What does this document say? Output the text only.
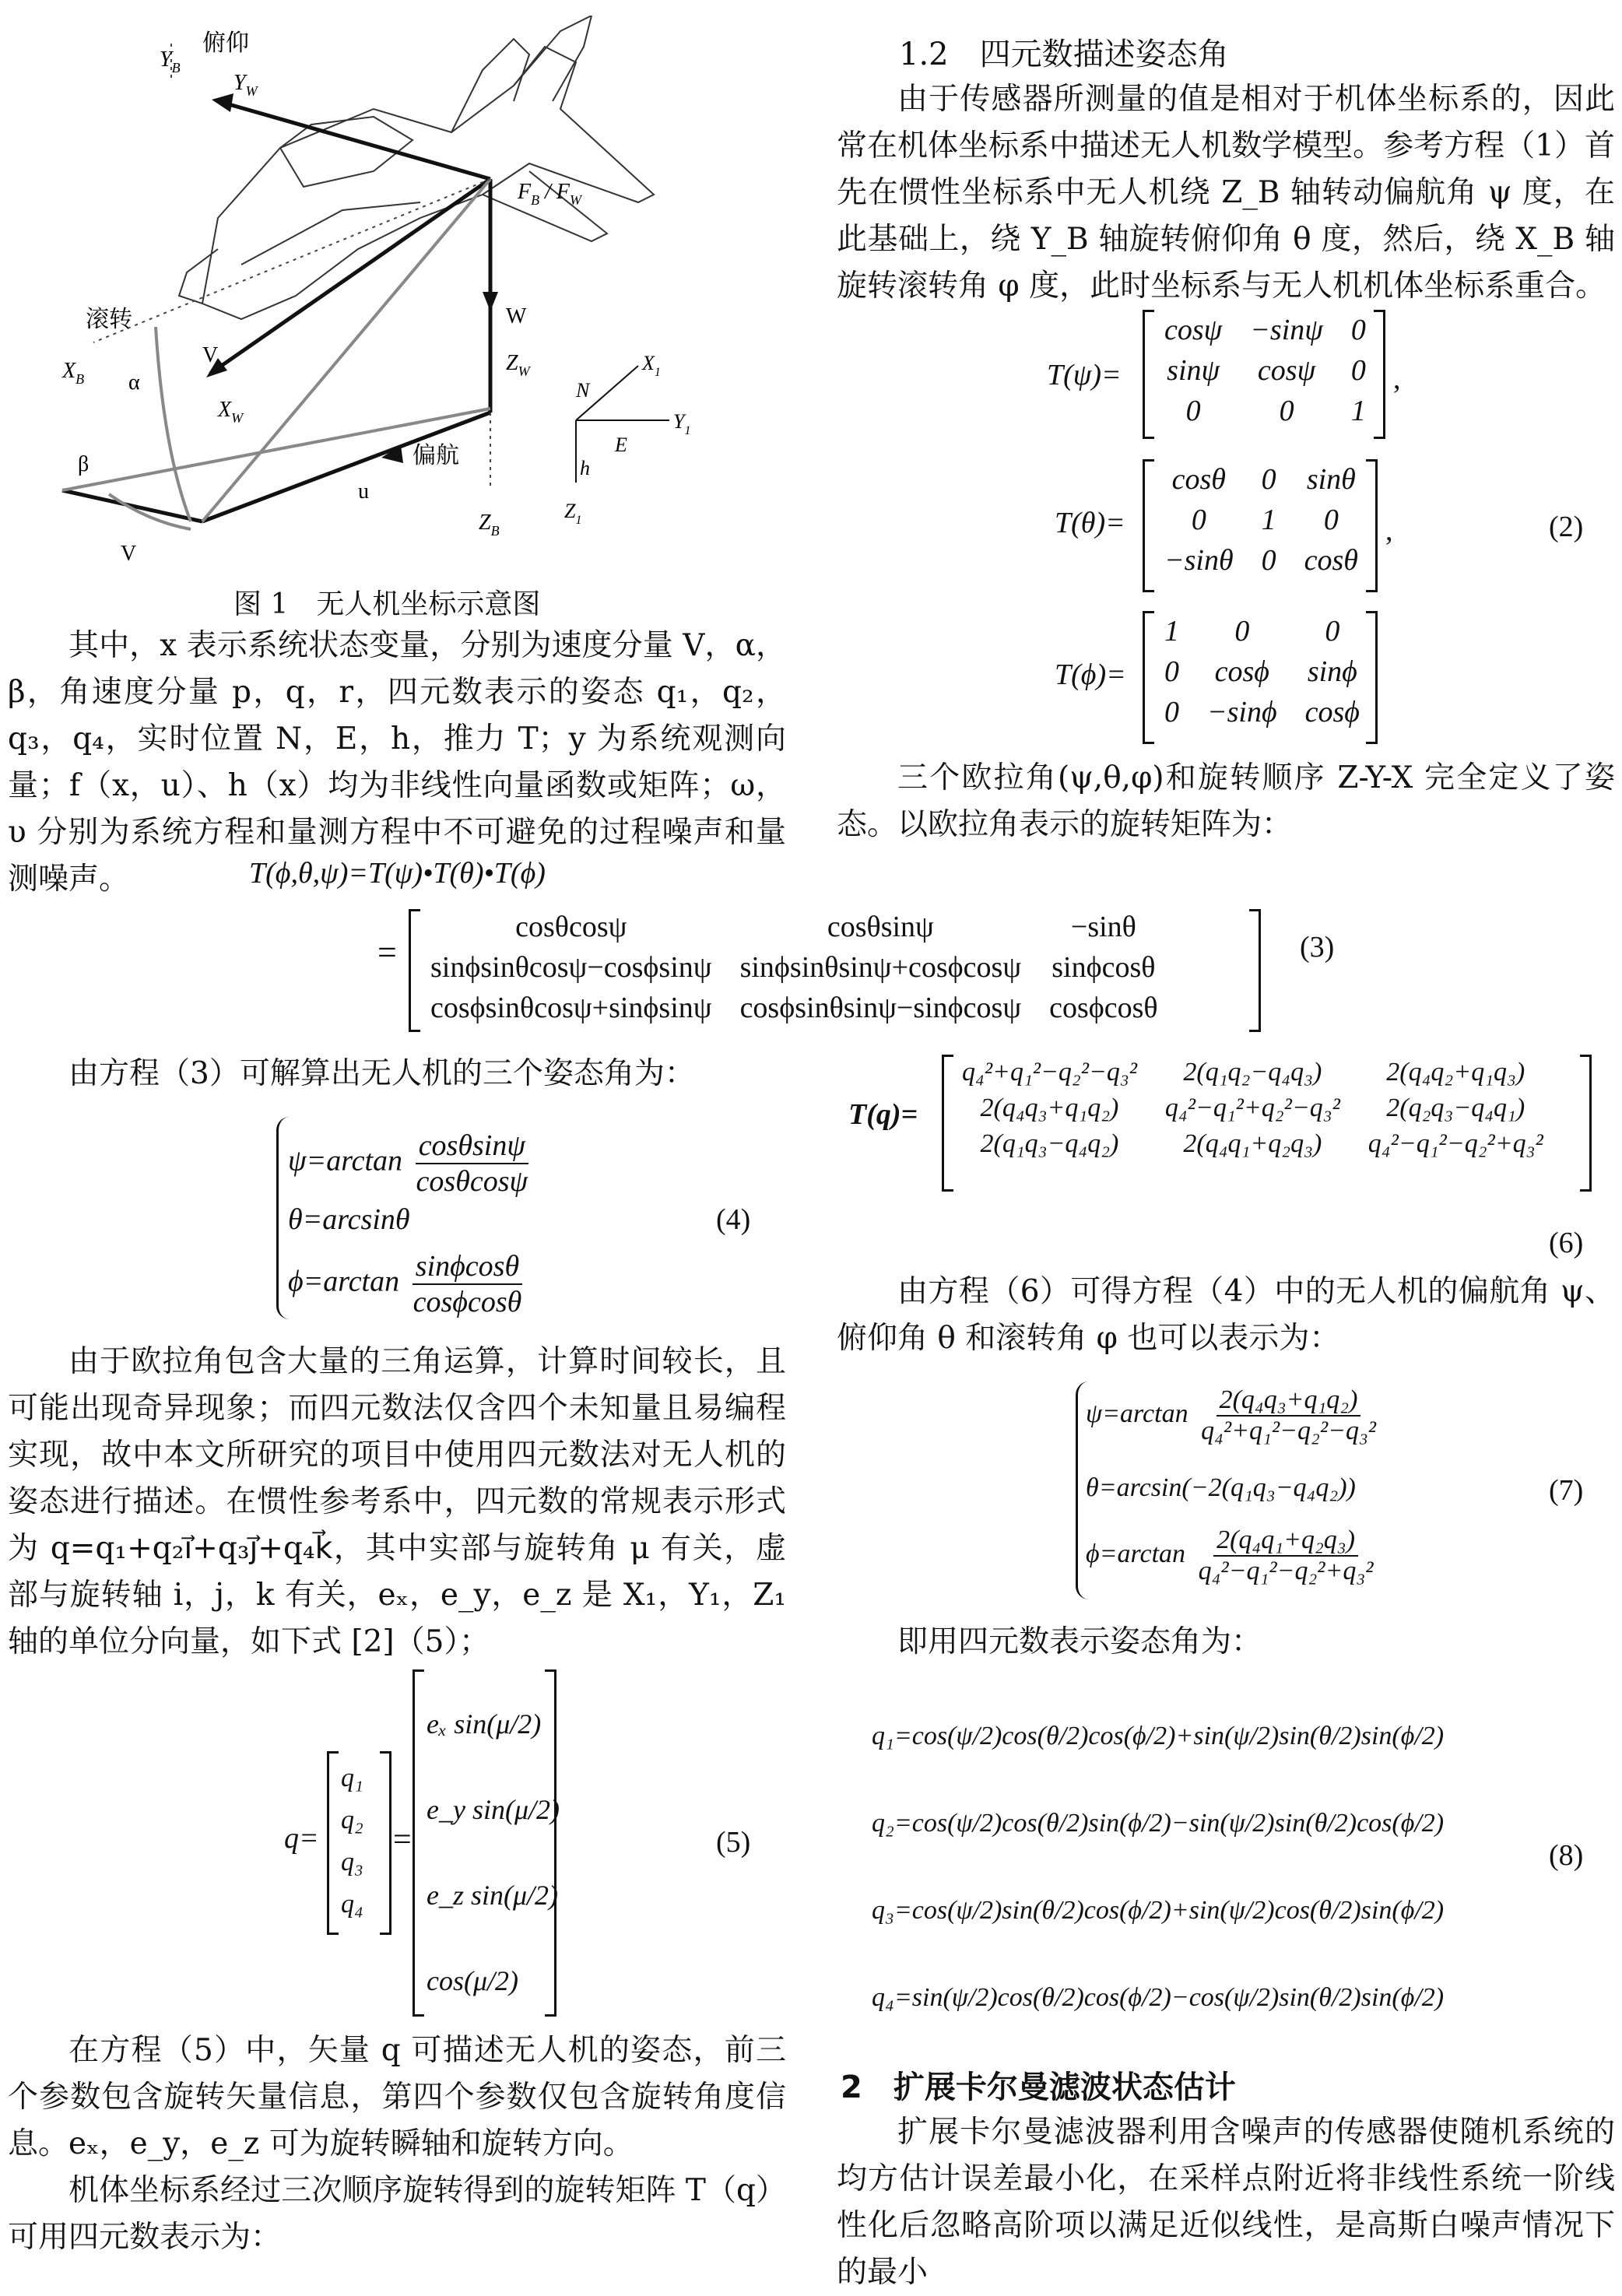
$Y_B$
俯仰
$Y_W$
$F_B / F_W$
滚转
$X_B$ α
V
$X_W$
W
$Z_W$
β
V
u
偏航
$Z_B$
N
$X_1$
$Y_1$
E
h
$Z_1$
图 1　无人机坐标示意图

其中，x 表示系统状态变量，分别为速度分量 V，α，β，角速度分量 p，q，r，四元数表示的姿态 q₁，q₂，q₃，q₄，实时位置 N，E，h，推力 T；y 为系统观测向量；f（x，u）、h（x）均为非线性向量函数或矩阵；ω，υ 分别为系统方程和量测方程中不可避免的过程噪声和量测噪声。	T(ϕ,θ,ψ)=T(ψ)•T(θ)•T(ϕ)
=
cosθcosψ	cosθsinψ	−sinθ
sinϕsinθcosψ−cosϕsinψ	sinϕsinθsinψ+cosϕcosψ	sinϕcosθ
cosϕsinθcosψ+sinϕsinψ	cosϕsinθsinψ−sinϕcosψ	cosϕcosθ
(3)

由方程（3）可解算出无人机的三个姿态角为：

$\psi=\arctan \frac{\cos\theta\sin\psi}{\cos\theta\cos\psi}$
θ=arcsinθ
$\phi=\arctan \frac{\sin\phi\cos\theta}{\cos\phi\cos\theta}$
(4)

由于欧拉角包含大量的三角运算，计算时间较长，且可能出现奇异现象；而四元数法仅含四个未知量且易编程实现，故中本文所研究的项目中使用四元数法对无人机的姿态进行描述。在惯性参考系中，四元数的常规表示形式为 q=q₁+q₂i⃗+q₃j⃗+q₄k⃗，其中实部与旋转角 μ 有关，虚部与旋转轴 i，j，k 有关，eₓ，e_y，e_z 是 X₁，Y₁，Z₁ 轴的单位分向量，如下式 [2]（5）；

q=
q₁
q₂
q₃
q₄
=
eₓ sin(μ/2)
e_y sin(μ/2)
e_z sin(μ/2)
cos(μ/2)
(5)

在方程（5）中，矢量 q 可描述无人机的姿态，前三个参数包含旋转矢量信息，第四个参数仅包含旋转角度信息。eₓ，e_y，e_z 可为旋转瞬轴和旋转方向。

机体坐标系经过三次顺序旋转得到的旋转矩阵 T（q）可用四元数表示为：

1.2　四元数描述姿态角

由于传感器所测量的值是相对于机体坐标系的，因此常在机体坐标系中描述无人机数学模型。参考方程（1）首先在惯性坐标系中无人机绕 Z_B 轴转动偏航角 ψ 度，在此基础上，绕 Y_B 轴旋转俯仰角 θ 度，然后，绕 X_B 轴旋转滚转角 φ 度，此时坐标系与无人机机体坐标系重合。

T(ψ)=
cosψ	−sinψ	0
sinψ	cosψ	0
0	0	1
,
T(θ)=
cosθ	0	sinθ
0	1	0
−sinθ	0	cosθ
,	(2)
T(ϕ)=
1	0	0
0	cosϕ	sinϕ
0	−sinϕ	cosϕ

三个欧拉角(ψ,θ,φ)和旋转顺序 Z-Y-X 完全定义了姿态。以欧拉角表示的旋转矩阵为：

T(q)=
q₄²+q₁²−q₂²−q₃²	2(q₁q₂−q₄q₃)	2(q₄q₂+q₁q₃)
2(q₄q₃+q₁q₂)	q₄²−q₁²+q₂²−q₃²	2(q₂q₃−q₄q₁)
2(q₁q₃−q₄q₂)	2(q₄q₁+q₂q₃)	q₄²−q₁²−q₂²+q₃²
(6)

由方程（6）可得方程（4）中的无人机的偏航角 ψ、俯仰角 θ 和滚转角 φ 也可以表示为：

$\psi=\arctan \frac{\text{2(q₄q₃+q₁q₂)}}{\text{q₄²+q₁²−q₂²−q₃²}}$
θ=arcsin(−2(q₁q₃−q₄q₂))
$\phi=\arctan \frac{\text{2(q₄q₁+q₂q₃)}}{\text{q₄²−q₁²−q₂²+q₃²}}$
(7)

即用四元数表示姿态角为：

q₁=cos(ψ/2)cos(θ/2)cos(ϕ/2)+sin(ψ/2)sin(θ/2)sin(ϕ/2)
q₂=cos(ψ/2)cos(θ/2)sin(ϕ/2)−sin(ψ/2)sin(θ/2)cos(ϕ/2)
q₃=cos(ψ/2)sin(θ/2)cos(ϕ/2)+sin(ψ/2)cos(θ/2)sin(ϕ/2)
q₄=sin(ψ/2)cos(θ/2)cos(ϕ/2)−cos(ψ/2)sin(θ/2)sin(ϕ/2)
(8)
2　扩展卡尔曼滤波状态估计

扩展卡尔曼滤波器利用含噪声的传感器使随机系统的均方估计误差最小化，在采样点附近将非线性系统一阶线性化后忽略高阶项以满足近似线性，是高斯白噪声情况下的最小
